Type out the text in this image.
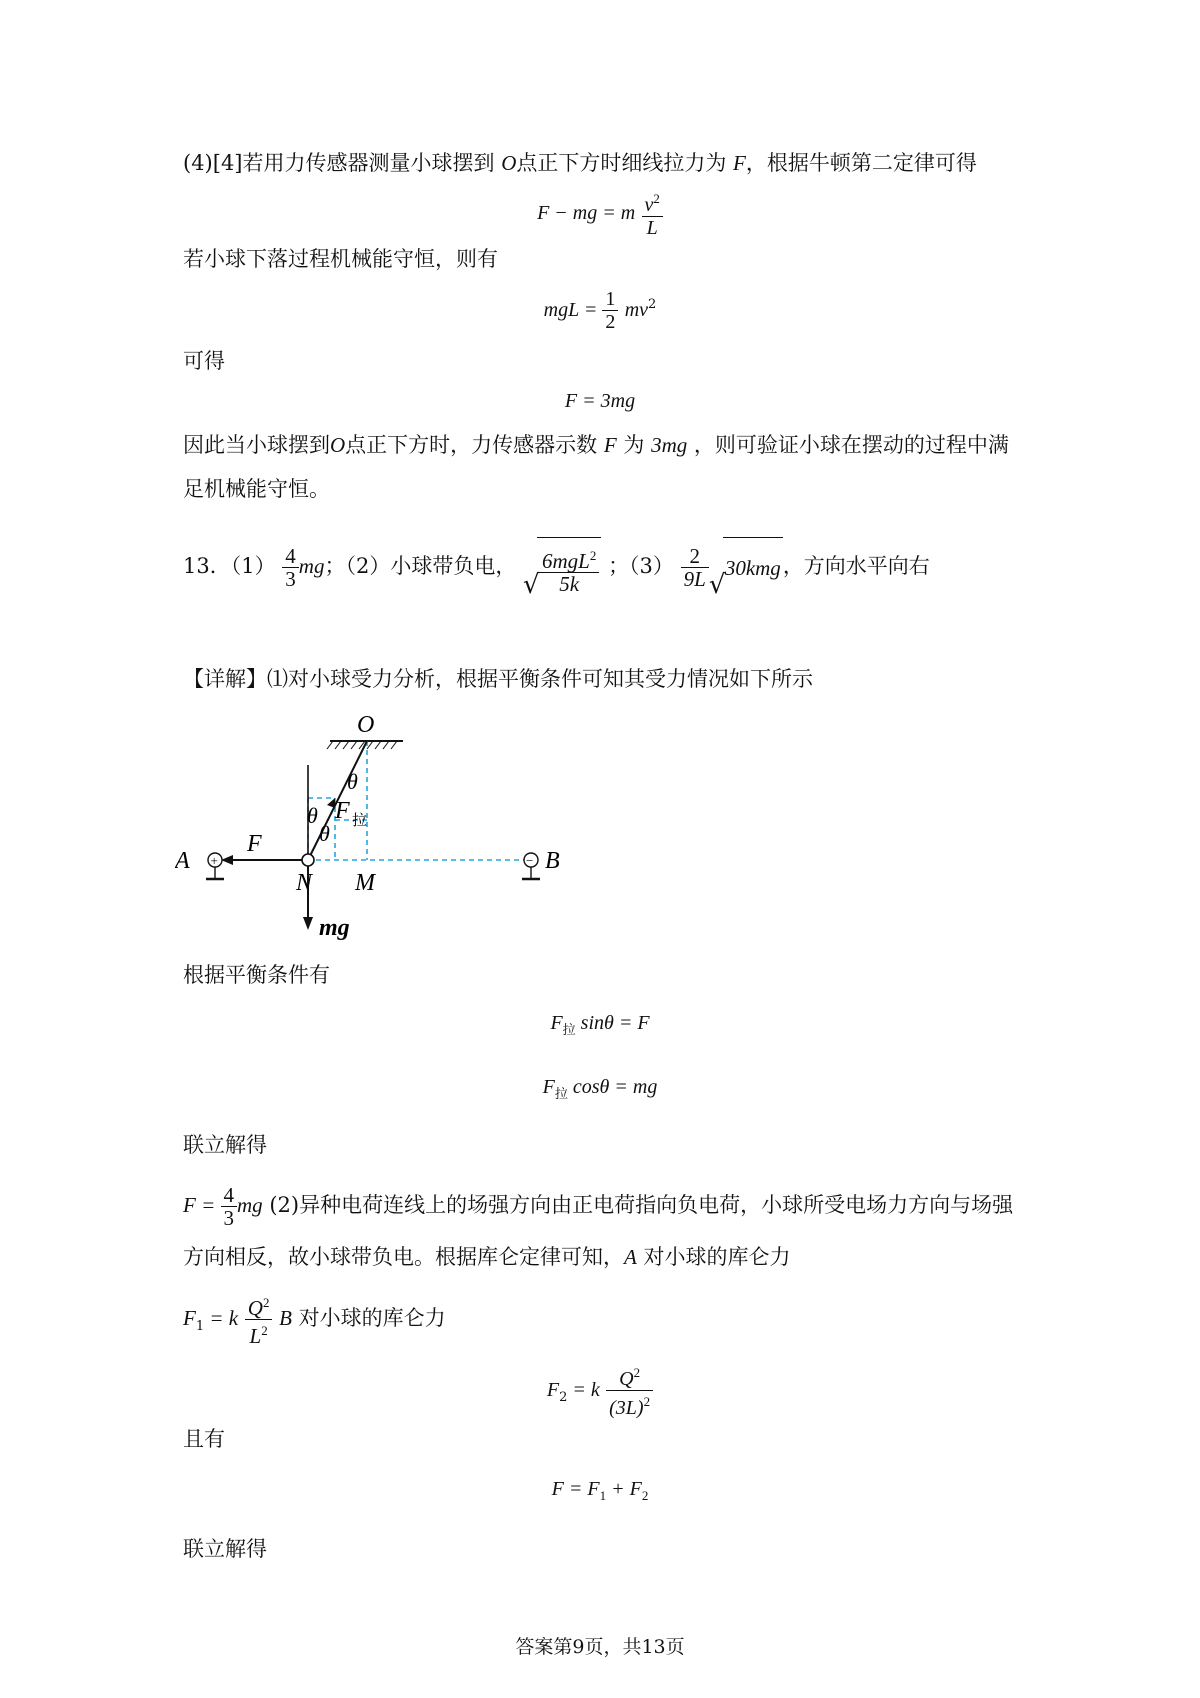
(4)[4]若用力传感器测量小球摆到 O点正下方时细线拉力为 F，根据牛顿第二定律可得
F − mg = m $\frac{v^2}{L}$
若小球下落过程机械能守恒，则有
mgL = $\frac{1}{2} mv^2$
可得
F = 3mg
因此当小球摆到O点正下方时，力传感器示数 F 为 3mg ，则可验证小球在摆动的过程中满
足机械能守恒。
13．$(1) \frac{4}{3}$ mg；（2）小球带负电，
√ $\frac{6mgL^2}{5k}$ ；$(3) \frac{2}{9L}$ √
30kmg，方向水平向右
【详解】⑴对小球受力分析，根据平衡条件可知其受力情况如下所示
O
θ
θ
θ
F 拉
F
mg
+
A	− B
N M
根据平衡条件有
$F_拉$ sinθ = F
$F_拉$ cosθ = mg
联立解得
$F = \frac{4}{3}$ mg (2)异种电荷连线上的场强方向由正电荷指向负电荷，小球所受电场力方向与场强
方向相反，故小球带负电。根据库仑定律可知，A 对小球的库仑力
$F_1 = k \frac{Q^2}{L^2}$ B 对小球的库仑力
$F_2 = k \frac{Q^2}{(3L)^2}$
且有
$F = F_1 + F_2$
联立解得
答案第9页，共13页
